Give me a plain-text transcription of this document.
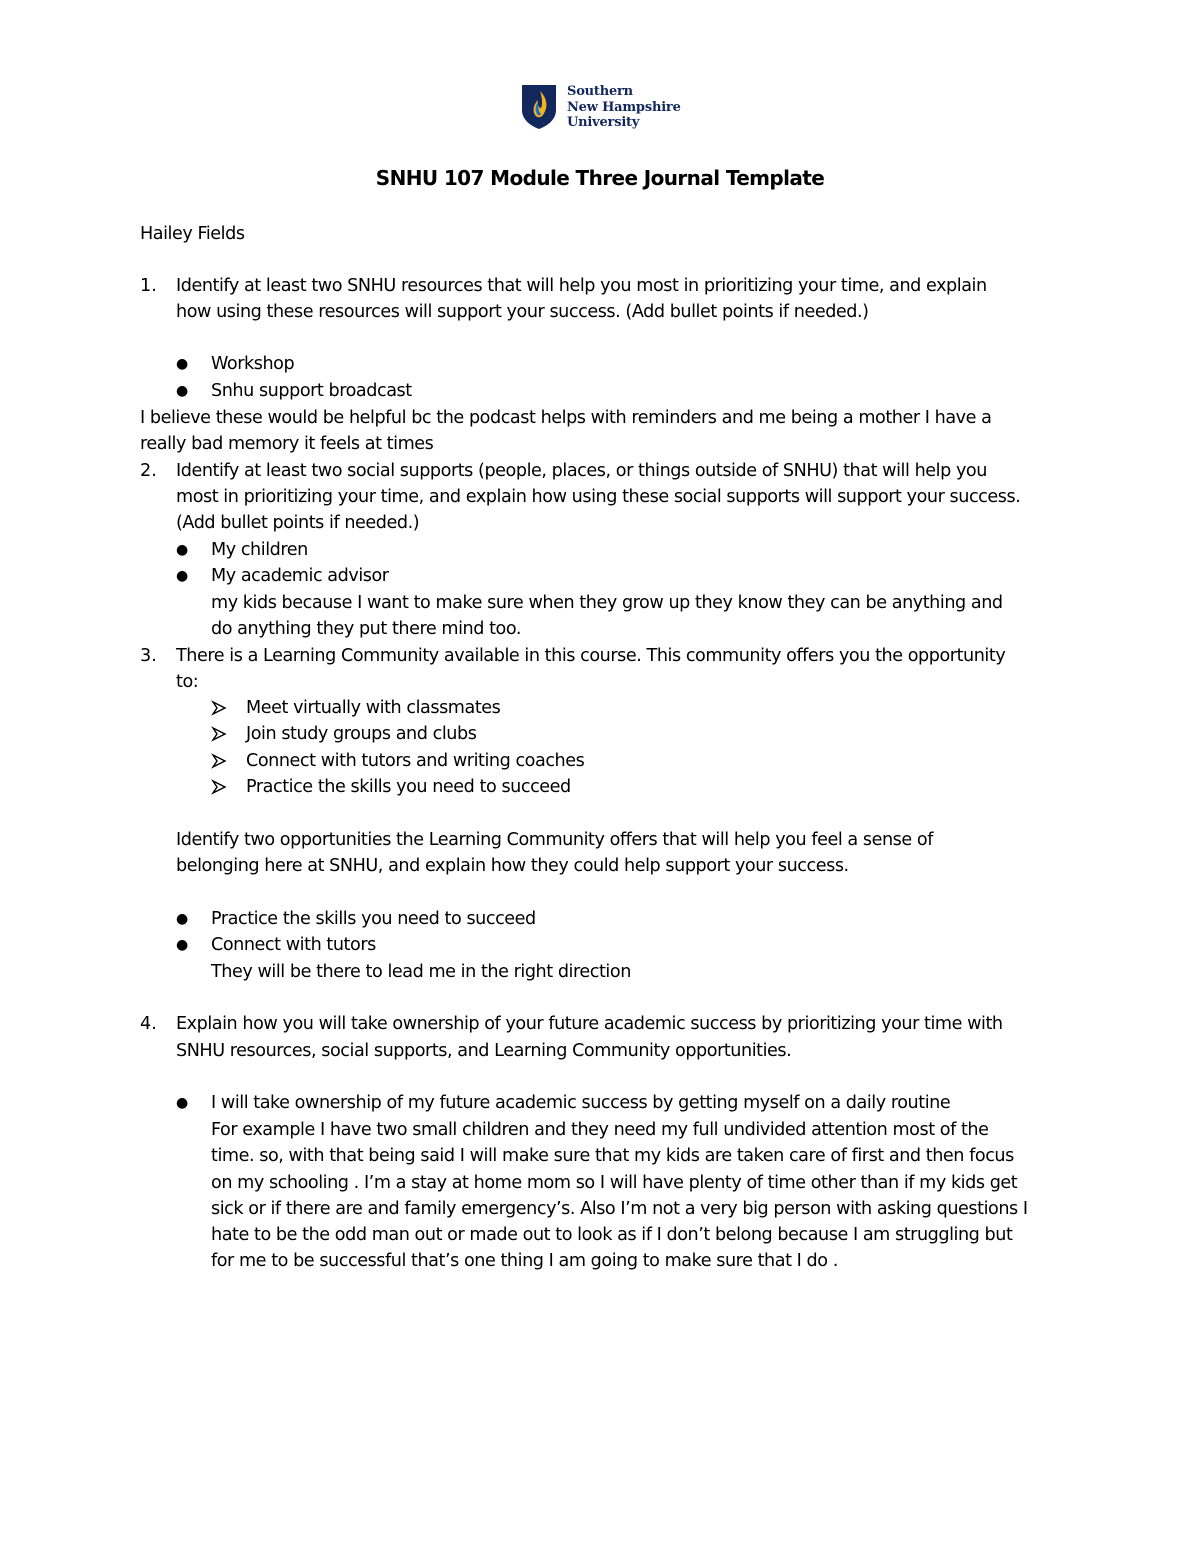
Southern
New Hampshire
University
SNHU 107 Module Three Journal Template
Hailey Fields
1. Identify at least two SNHU resources that will help you most in prioritizing your time, and explain
how using these resources will support your success. (Add bullet points if needed.)
● Workshop
● Snhu support broadcast
I believe these would be helpful bc the podcast helps with reminders and me being a mother I have a
really bad memory it feels at times
2. Identify at least two social supports (people, places, or things outside of SNHU) that will help you
most in prioritizing your time, and explain how using these social supports will support your success.
(Add bullet points if needed.)
● My children
● My academic advisor
my kids because I want to make sure when they grow up they know they can be anything and
do anything they put there mind too.
3. There is a Learning Community available in this course. This community offers you the opportunity
to:
Meet virtually with classmates
Join study groups and clubs
Connect with tutors and writing coaches
Practice the skills you need to succeed
Identify two opportunities the Learning Community offers that will help you feel a sense of
belonging here at SNHU, and explain how they could help support your success.
● Practice the skills you need to succeed
● Connect with tutors
They will be there to lead me in the right direction
4. Explain how you will take ownership of your future academic success by prioritizing your time with
SNHU resources, social supports, and Learning Community opportunities.
● I will take ownership of my future academic success by getting myself on a daily routine
For example I have two small children and they need my full undivided attention most of the
time. so, with that being said I will make sure that my kids are taken care of first and then focus
on my schooling . I’m a stay at home mom so I will have plenty of time other than if my kids get
sick or if there are and family emergency’s. Also I’m not a very big person with asking questions I
hate to be the odd man out or made out to look as if I don’t belong because I am struggling but
for me to be successful that’s one thing I am going to make sure that I do .
